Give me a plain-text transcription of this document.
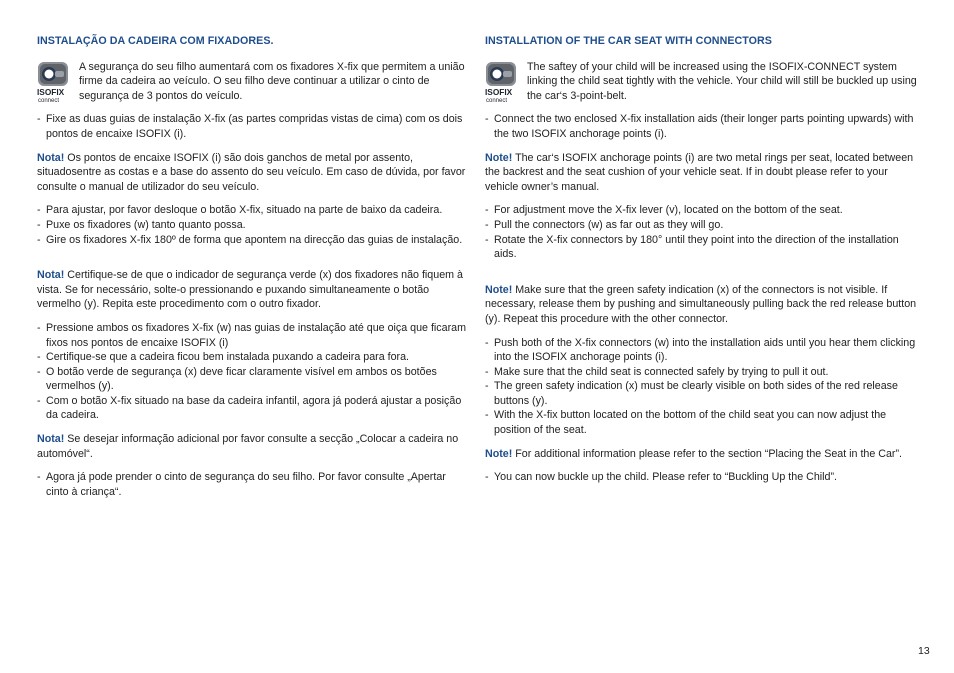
INSTALAÇÃO DA CADEIRA COM FIXADORES.
ISOFIX
connect

A segurança do seu filho aumentará com os fixadores X-fix que permitem a união firme da cadeira ao veículo. O seu filho deve continuar a utilizar o cinto de segurança de 3 pontos do veículo.

- Fixe as duas guias de instalação X-fix (as partes compridas vistas de cima) com os dois pontos de encaixe ISOFIX (i).

Nota! Os pontos de encaixe ISOFIX (i) são dois ganchos de metal por assento, situadosentre as costas e a base do assento do seu veículo. Em caso de dúvida, por favor consulte o manual de utilizador do seu veículo.

- Para ajustar, por favor desloque o botão X-fix, situado na parte de baixo da cadeira.
- Puxe os fixadores (w) tanto quanto possa.
- Gire os fixadores X-fix 180º de forma que apontem na direcção das guias de instalação.

Nota! Certifique-se de que o indicador de segurança verde (x) dos fixadores não fiquem à vista. Se for necessário, solte-o pressionando e puxando simultaneamente o botão vermelho (y). Repita este procedimento com o outro fixador.

- Pressione ambos os fixadores X-fix (w) nas guias de instalação até que oiça que ficaram fixos nos pontos de encaixe ISOFIX (i)
- Certifique-se que a cadeira ficou bem instalada puxando a cadeira para fora.
- O botão verde de segurança (x) deve ficar claramente visível em ambos os botões vermelhos (y).
- Com o botão X-fix situado na base da cadeira infantil, agora já poderá ajustar a posição da cadeira.

Nota! Se desejar informação adicional por favor consulte a secção „Colocar a cadeira no automóvel“.

- Agora já pode prender o cinto de segurança do seu filho. Por favor consulte „Apertar cinto à criança“.
INSTALLATION OF THE CAR SEAT WITH CONNECTORS
ISOFIX
connect

The saftey of your child will be increased using the ISOFIX-CONNECT system linking the child seat tightly with the vehicle. Your child will still be buckled up using the car‘s 3-point-belt.

- Connect the two enclosed X-fix installation aids (their longer parts pointing upwards) with the two ISOFIX anchorage points (i).

Note! The car‘s ISOFIX anchorage points (i) are two metal rings per seat, located between the backrest and the seat cushion of your vehicle seat. If in doubt please refer to your vehicle owner’s manual.

- For adjustment move the X-fix lever (v), located on the bottom of the seat.
- Pull the connectors (w) as far out as they will go.
- Rotate the X-fix connectors by 180° until they point into the direction of the installation aids.

Note! Make sure that the green safety indication (x) of the connectors is not visible. If necessary, release them by pushing and simultaneously pulling back the red release button (y). Repeat this procedure with the other connector.

- Push both of the X-fix connectors (w) into the installation aids until you hear them clicking into the ISOFIX anchorage points (i).
- Make sure that the child seat is connected safely by trying to pull it out.
- The green safety indication (x) must be clearly visible on both sides of the red release buttons (y).
- With the X-fix button located on the bottom of the child seat you can now adjust the position of the seat.

Note! For additional information please refer to the section “Placing the Seat in the Car”.

- You can now buckle up the child. Please refer to “Buckling Up the Child”.
13
